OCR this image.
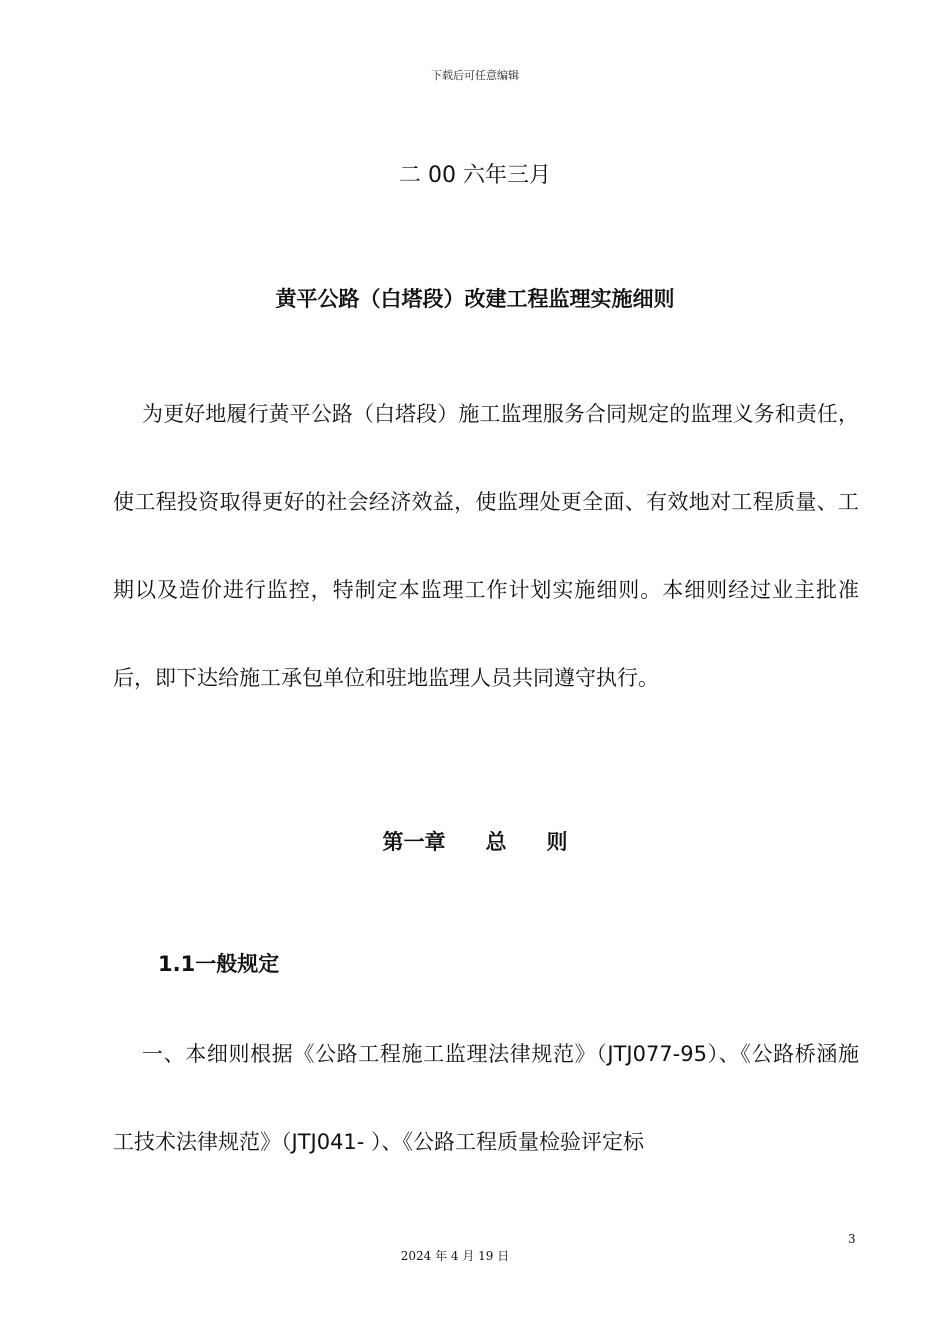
下载后可任意编辑
二 00 六年三月
黄平公路（白塔段）改建工程监理实施细则

为更好地履行黄平公路（白塔段）施工监理服务合同规定的监理义务和责任，使工程投资取得更好的社会经济效益，使监理处更全面、有效地对工程质量、工期以及造价进行监控，特制定本监理工作计划实施细则。本细则经过业主批准后，即下达给施工承包单位和驻地监理人员共同遵守执行。

第一章 总 则
1.1一般规定

一、本细则根据《公路工程施工监理法律规范》（JTJ077-95）、《公路桥涵施工技术法律规范》（JTJ041- ）、《公路工程质量检验评定标

3
2024 年 4 月 19 日
